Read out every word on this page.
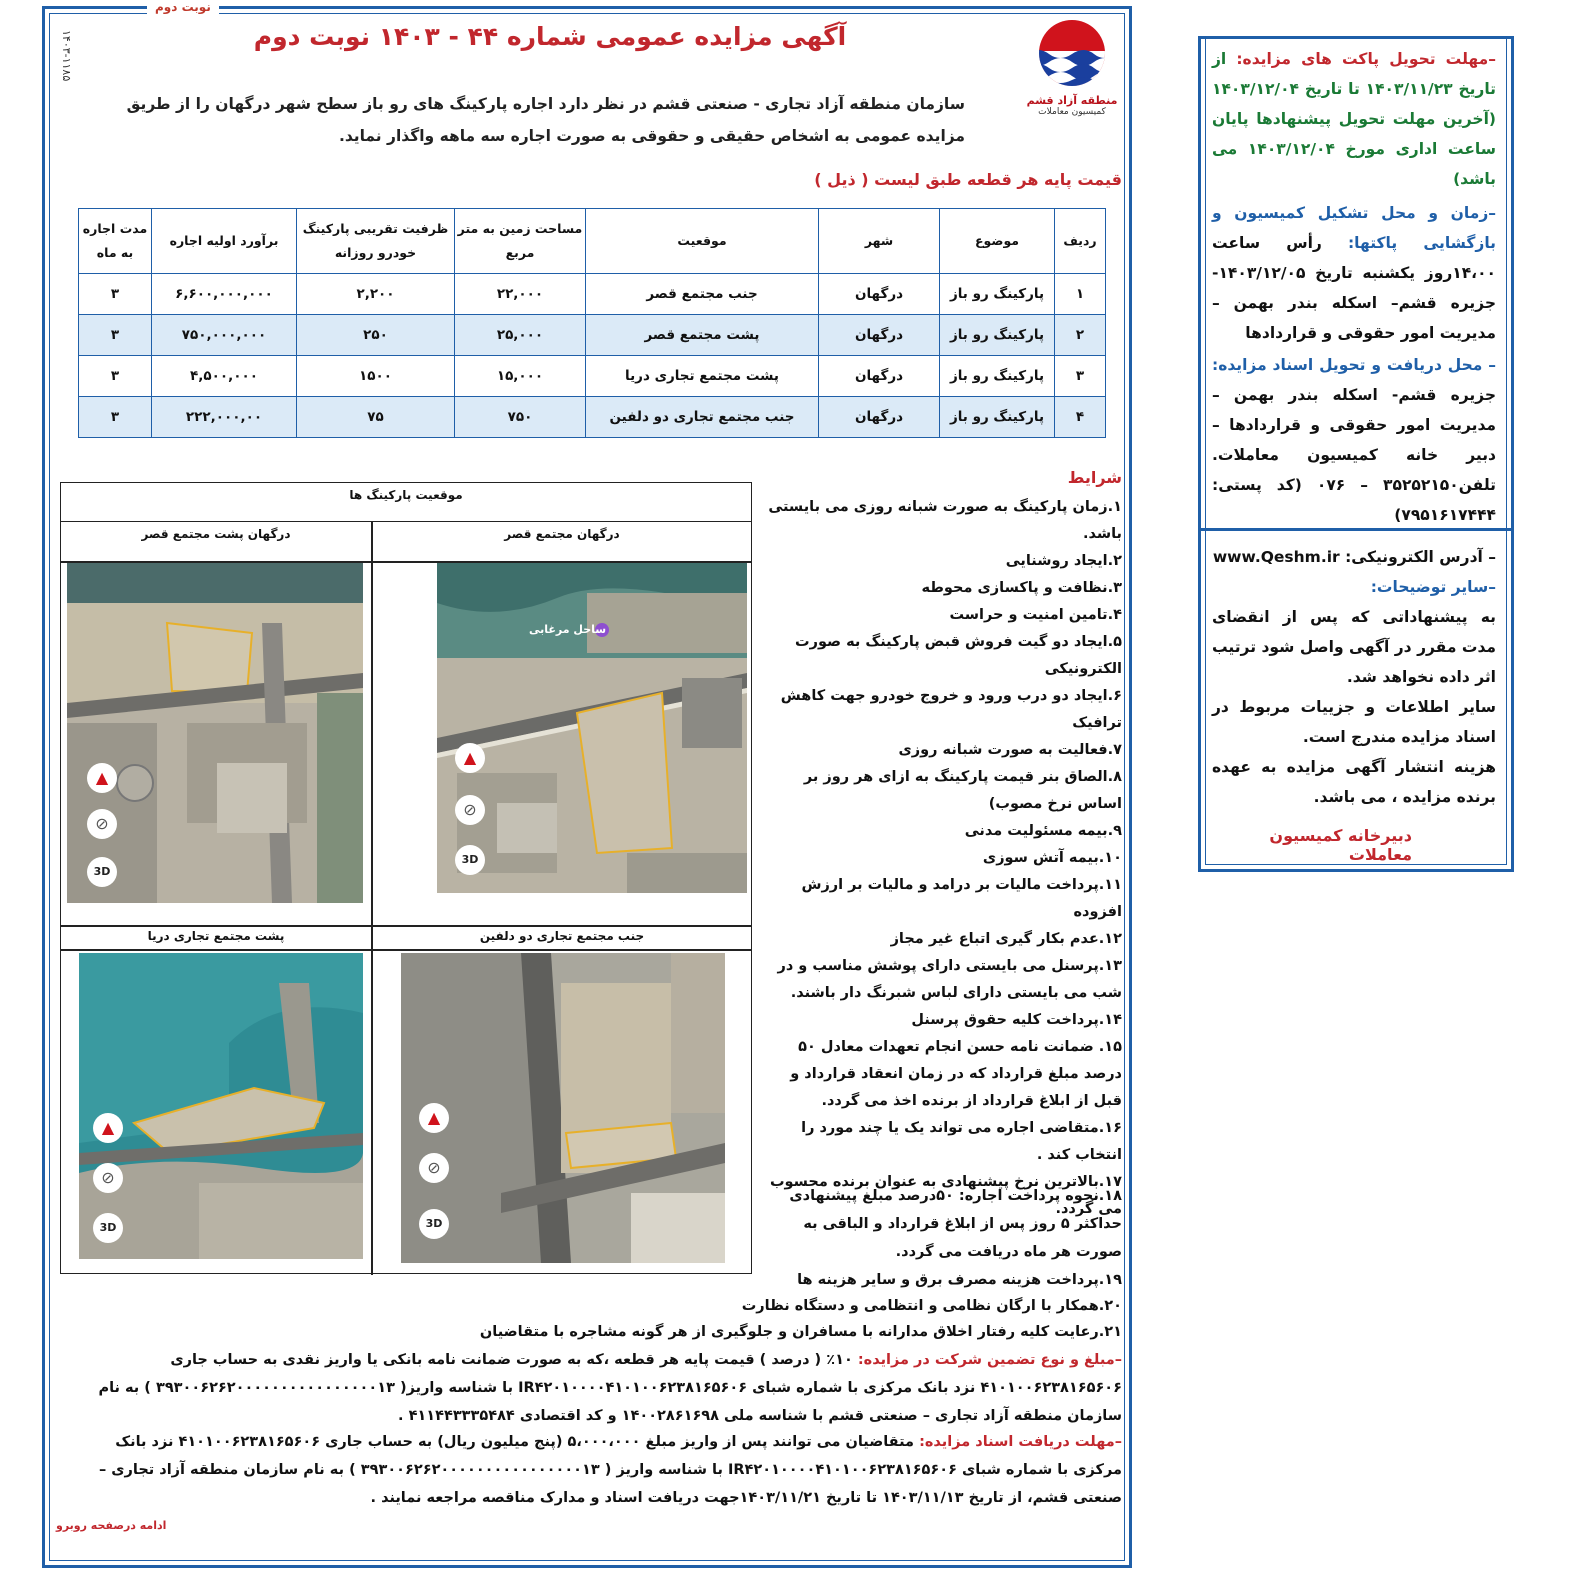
نوبت دوم
۱۴۰۳-۱۱۸۵
منطقه آزاد قشم
کمیسیون معاملات
آگهی مزایده عمومی شماره ۴۴ - ۱۴۰۳ نوبت دوم
سازمان منطقه آزاد تجاری - صنعتی قشم در نظر دارد اجاره پارکینگ های رو باز سطح شهر درگهان را از طریق مزایده عمومی به اشخاص حقیقی و حقوقی به صورت اجاره سه ماهه واگذار نماید.
قیمت پایه هر قطعه طبق لیست ( ذیل )
ردیف	موضوع	شهر	موقعیت	مساحت زمین به متر مربع	ظرفیت تقریبی پارکینگ خودرو روزانه	برآورد اولیه اجاره	مدت اجاره به ماه
۱	پارکینگ رو باز	درگهان	جنب مجتمع قصر	۲۲,۰۰۰	۲,۲۰۰	۶,۶۰۰,۰۰۰,۰۰۰	۳
۲	پارکینگ رو باز	درگهان	پشت مجتمع قصر	۲۵,۰۰۰	۲۵۰	۷۵۰,۰۰۰,۰۰۰	۳
۳	پارکینگ رو باز	درگهان	پشت مجتمع تجاری دریا	۱۵,۰۰۰	۱۵۰۰	۴,۵۰۰,۰۰۰	۳
۴	پارکینگ رو باز	درگهان	جنب مجتمع تجاری دو دلفین	۷۵۰	۷۵	۲۲۲,۰۰۰,۰۰	۳
موقعیت پارکینگ ها
درگهان مجتمع قصر
درگهان پشت مجتمع قصر
جنب مجتمع تجاری دو دلفین
پشت مجتمع تجاری دریا
ساحل مرغابی
▲
⊘
3D
▲
⊘
3D
▲
⊘
3D
▲
⊘
3D
شرایط
۱.زمان پارکینگ به صورت شبانه روزی می بایستی باشد.
۲.ایجاد روشنایی
۳.نظافت و پاکسازی محوطه
۴.تامین امنیت و حراست
۵.ایجاد دو گیت فروش قبض پارکینگ به صورت الکترونیکی
۶.ایجاد دو درب ورود و خروج خودرو جهت کاهش ترافیک
۷.فعالیت به صورت شبانه روزی
۸.الصاق بنر قیمت پارکینگ به ازای هر روز بر اساس نرخ مصوب)
۹.بیمه مسئولیت مدنی
۱۰.بیمه آتش سوزی
۱۱.پرداخت مالیات بر درامد و مالیات بر ارزش افزوده
۱۲.عدم بکار گیری اتباع غیر مجاز
۱۳.پرسنل می بایستی دارای پوشش مناسب و در شب می بایستی دارای لباس شبرنگ دار باشند.
۱۴.پرداخت کلیه حقوق پرسنل
۱۵. ضمانت نامه حسن انجام تعهدات معادل ۵۰ درصد مبلغ قرارداد که در زمان انعقاد قرارداد و قبل از ابلاغ قرارداد از برنده اخذ می گردد.
۱۶.متقاضی اجاره می تواند یک یا چند مورد را انتخاب کند .
۱۷.بالاترین نرخ پیشنهادی به عنوان برنده محسوب می گردد.
۱۸.نحوه پرداخت اجاره: ۵۰درصد مبلغ پیشنهادی حداکثر ۵ روز پس از ابلاغ قرارداد و الباقی به صورت هر ماه دریافت می گردد.
۱۹.پرداخت هزینه مصرف برق و سایر هزینه ها
۲۰.همکار با ارگان نظامی و انتظامی و دستگاه نظارت
۲۱.رعایت کلیه رفتار اخلاق مدارانه با مسافران و جلوگیری از هر گونه مشاجره با متقاضیان
–مبلغ و نوع تضمین شرکت در مزایده: ۱۰٪ ( درصد ) قیمت پایه هر قطعه ،که به صورت ضمانت نامه بانکی یا واریز نقدی به حساب جاری ۴۱۰۱۰۰۶۲۳۸۱۶۵۶۰۶ نزد بانک مرکزی با شماره شبای IR۴۲۰۱۰۰۰۰۴۱۰۱۰۰۶۲۳۸۱۶۵۶۰۶ با شناسه واریز( ۳۹۳۰۰۶۲۶۲۰۰۰۰۰۰۰۰۰۰۰۰۰۰۰۰۱۳ ) به نام سازمان منطقه آزاد تجاری – صنعتی قشم با شناسه ملی ۱۴۰۰۲۸۶۱۶۹۸ و کد اقتصادی ۴۱۱۴۴۳۳۳۵۴۸۴ .
–مهلت دریافت اسناد مزایده: متقاضیان می توانند پس از واریز مبلغ ۵،۰۰۰،۰۰۰ (پنج میلیون ریال) به حساب جاری ۴۱۰۱۰۰۶۲۳۸۱۶۵۶۰۶ نزد بانک مرکزی با شماره شبای IR۴۲۰۱۰۰۰۰۴۱۰۱۰۰۶۲۳۸۱۶۵۶۰۶ با شناسه واریز ( ۳۹۳۰۰۶۲۶۲۰۰۰۰۰۰۰۰۰۰۰۰۰۰۰۰۱۳ ) به نام سازمان منطقه آزاد تجاری – صنعتی قشم، از تاریخ ۱۴۰۳/۱۱/۱۳ تا تاریخ ۱۴۰۳/۱۱/۲۱جهت دریافت اسناد و مدارک مناقصه مراجعه نمایند .
ادامه درصفحه روبرو
–مهلت تحویل پاکت های مزایده: از تاریخ ۱۴۰۳/۱۱/۲۳ تا تاریخ ۱۴۰۳/۱۲/۰۴ (آخرین مهلت تحویل پیشنهادها پایان ساعت اداری مورخ ۱۴۰۳/۱۲/۰۴ می باشد)
–زمان و محل تشکیل کمیسیون و بازگشایی پاکتها: رأس ساعت ۱۴،۰۰روز یکشنبه تاریخ ۱۴۰۳/۱۲/۰۵- جزیره قشم– اسکله بندر بهمن – مدیریت امور حقوقی و قراردادها
– محل دریافت و تحویل اسناد مزایده: جزیره قشم- اسکله بندر بهمن –مدیریت امور حقوقی و قراردادها – دبیر خانه کمیسیون معاملات. تلفن۳۵۲۵۲۱۵۰ – ۰۷۶ (کد پستی: ۷۹۵۱۶۱۷۴۴۴)
– آدرس الکترونیکی: www.Qeshm.ir
–سایر توضیحات:
به پیشنهاداتی که پس از انقضای مدت مقرر در آگهی واصل شود ترتیب اثر داده نخواهد شد.
سایر اطلاعات و جزییات مربوط در اسناد مزایده مندرج است.
هزینه انتشار آگهی مزایده به عهده برنده مزایده ، می باشد.
دبیرخانه کمیسیون معاملات
